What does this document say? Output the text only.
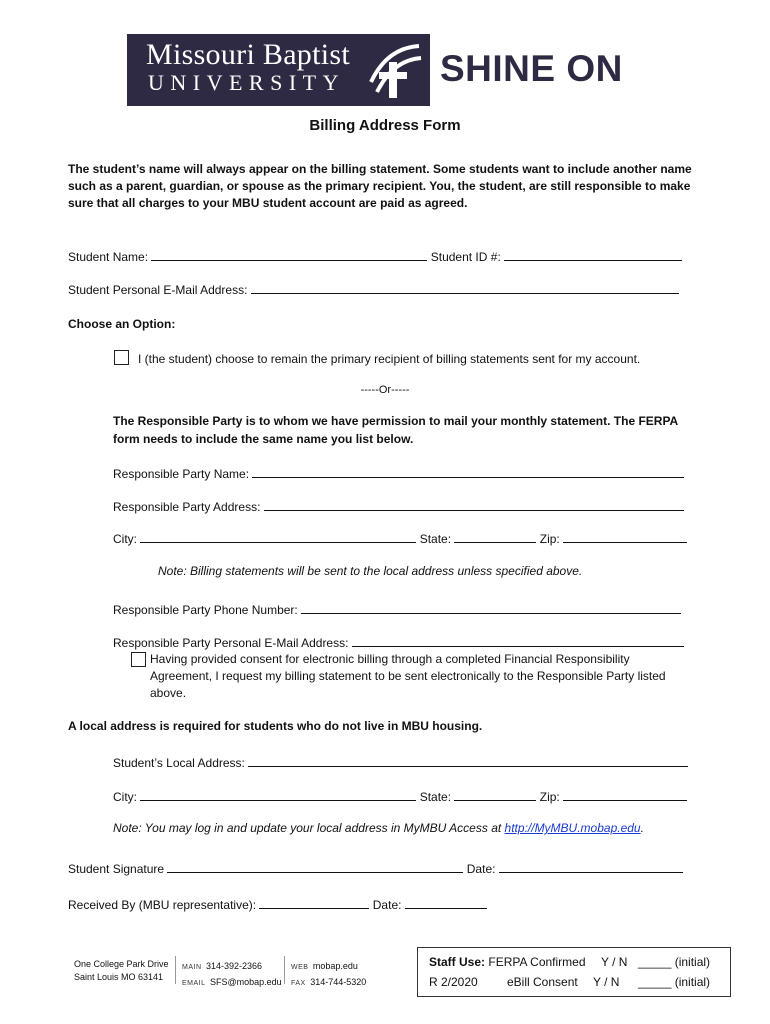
Missouri Baptist
UNIVERSITY	SHINE ON
Billing Address Form
The student’s name will always appear on the billing statement. Some students want to include another name such as a parent, guardian, or spouse as the primary recipient. You, the student, are still responsible to make sure that all charges to your MBU student account are paid as agreed.
Student Name:	Student ID #:
Student Personal E-Mail Address:
Choose an Option:
I (the student) choose to remain the primary recipient of billing statements sent for my account.
-----Or-----
The Responsible Party is to whom we have permission to mail your monthly statement. The FERPA form needs to include the same name you list below.
Responsible Party Name:
Responsible Party Address:
City:	State:	Zip:
Note: Billing statements will be sent to the local address unless specified above.
Responsible Party Phone Number:
Responsible Party Personal E-Mail Address:
Having provided consent for electronic billing through a completed Financial Responsibility Agreement, I request my billing statement to be sent electronically to the Responsible Party listed above.
A local address is required for students who do not live in MBU housing.
Student’s Local Address:
City:	State:	Zip:
Note: You may log in and update your local address in MyMBU Access at http://MyMBU.mobap.edu.
Student Signature	Date:
Received By (MBU representative):	Date:
One College Park Drive
Saint Louis MO 63141
MAIN 314-392-2366
EMAIL SFS@mobap.edu
WEB mobap.edu
FAX 314-744-5320
Staff Use: FERPA Confirmed Y / N _____ (initial)
R 2/2020 eBill Consent Y / N _____ (initial)
